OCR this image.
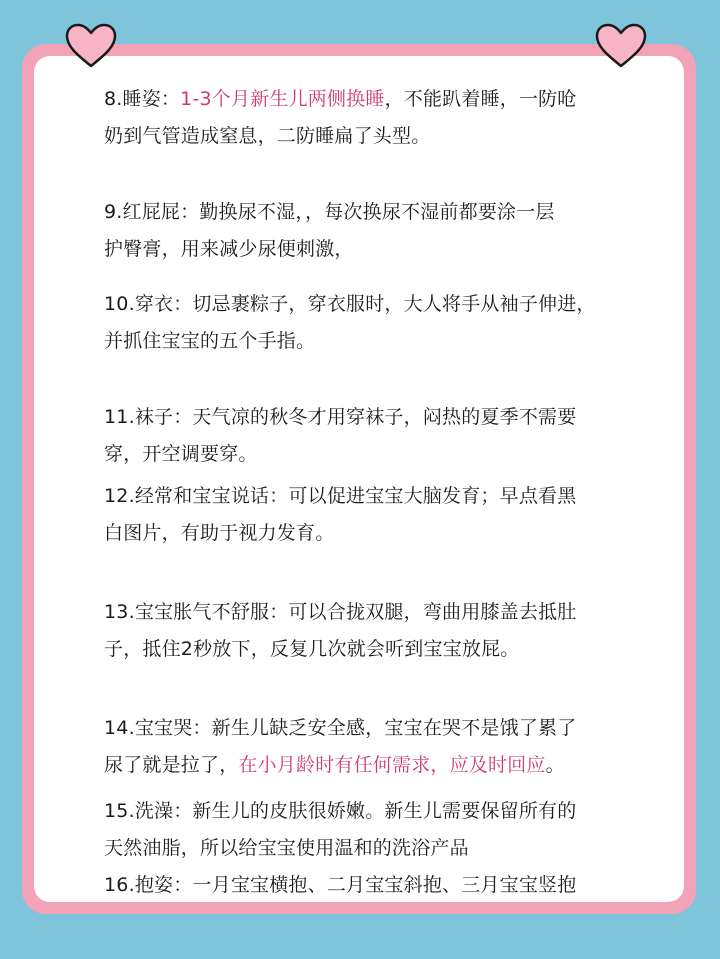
8.睡姿：1-3个月新生儿两侧换睡，不能趴着睡，一防呛
奶到气管造成窒息，二防睡扁了头型。
9.红屁屁：勤换尿不湿，，每次换尿不湿前都要涂一层
护臀膏，用来减少尿便刺激，
10.穿衣：切忌裹粽子，穿衣服时，大人将手从袖子伸进，
并抓住宝宝的五个手指。
11.袜子：天气凉的秋冬才用穿袜子，闷热的夏季不需要
穿，开空调要穿。
12.经常和宝宝说话：可以促进宝宝大脑发育；早点看黑
白图片，有助于视力发育。
13.宝宝胀气不舒服：可以合拢双腿，弯曲用膝盖去抵肚
子，抵住2秒放下，反复几次就会听到宝宝放屁。
14.宝宝哭：新生儿缺乏安全感，宝宝在哭不是饿了累了
尿了就是拉了，在小月龄时有任何需求，应及时回应。
15.洗澡：新生儿的皮肤很娇嫩。新生儿需要保留所有的
天然油脂，所以给宝宝使用温和的洗浴产品
16.抱姿：一月宝宝横抱、二月宝宝斜抱、三月宝宝竖抱
